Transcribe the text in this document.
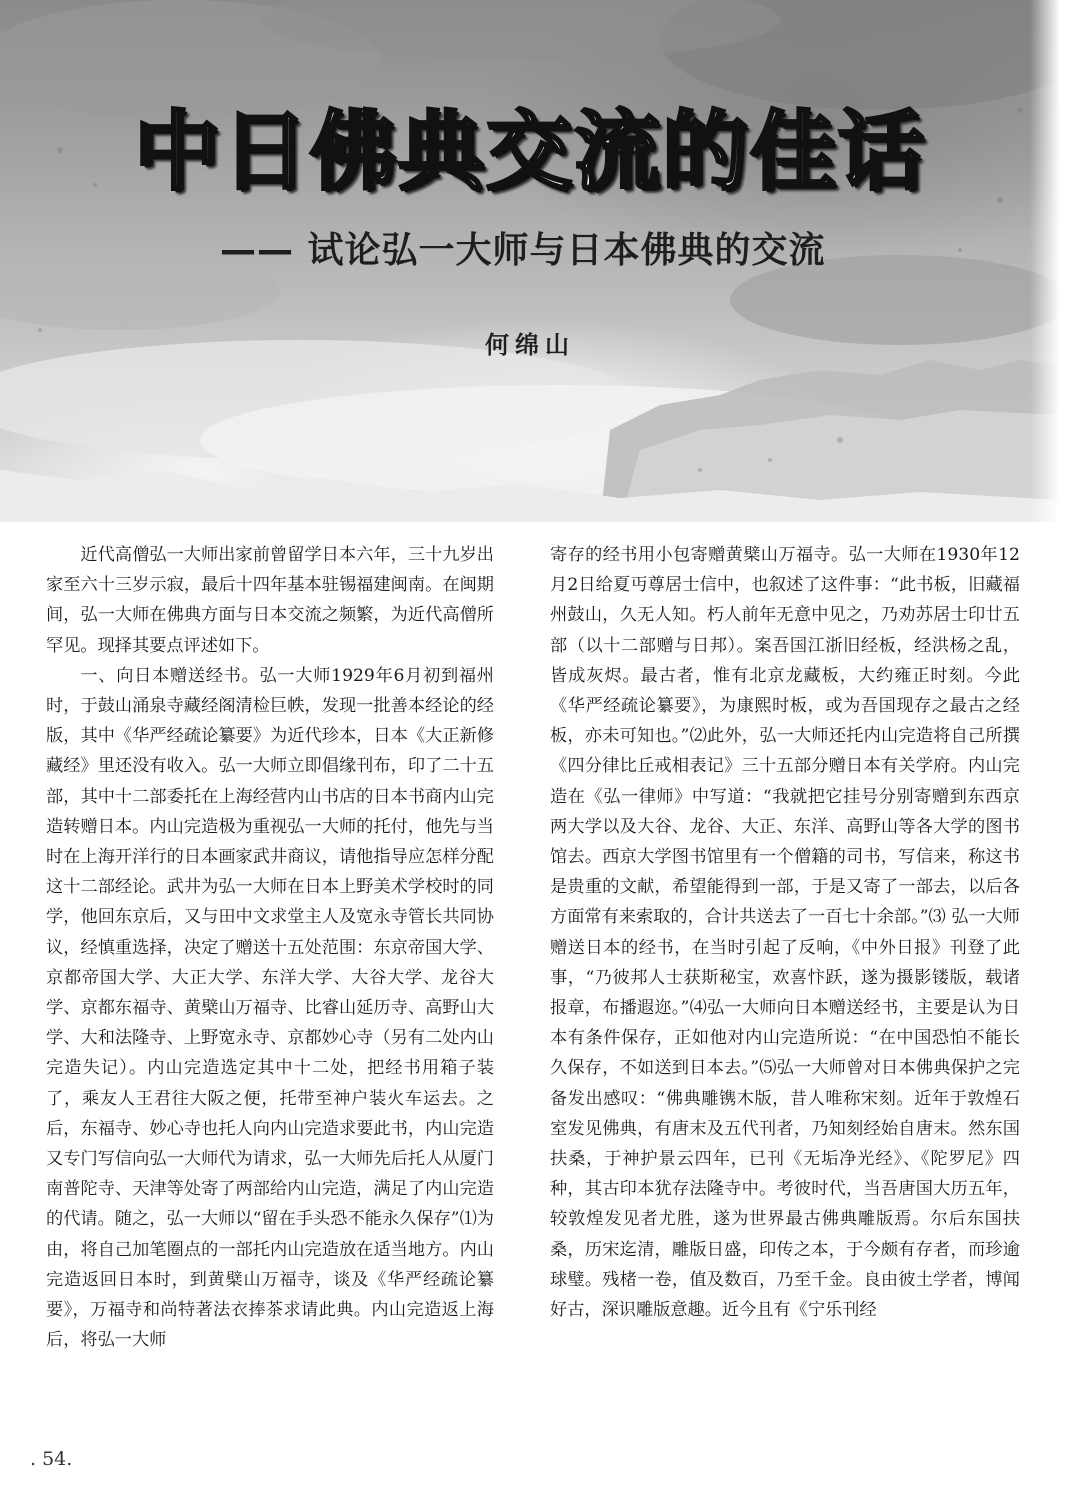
中日佛典交流的佳话
—— 试论弘一大师与日本佛典的交流
何绵山

近代高僧弘一大师出家前曾留学日本六年，三十九岁出家至六十三岁示寂，最后十四年基本驻锡福建闽南。在闽期间，弘一大师在佛典方面与日本交流之频繁，为近代高僧所罕见。现择其要点评述如下。

一、向日本赠送经书。弘一大师1929年6月初到福州时，于鼓山涌泉寺藏经阁清检巨帙，发现一批善本经论的经版，其中《华严经疏论纂要》为近代珍本，日本《大正新修藏经》里还没有收入。弘一大师立即倡缘刊布，印了二十五部，其中十二部委托在上海经营内山书店的日本书商内山完造转赠日本。内山完造极为重视弘一大师的托付，他先与当时在上海开洋行的日本画家武井商议，请他指导应怎样分配这十二部经论。武井为弘一大师在日本上野美术学校时的同学，他回东京后，又与田中文求堂主人及宽永寺管长共同协议，经慎重选择，决定了赠送十五处范围：东京帝国大学、京都帝国大学、大正大学、东洋大学、大谷大学、龙谷大学、京都东福寺、黄檗山万福寺、比睿山延历寺、高野山大学、大和法隆寺、上野宽永寺、京都妙心寺（另有二处内山完造失记）。内山完造选定其中十二处，把经书用箱子装了，乘友人王君往大阪之便，托带至神户装火车运去。之后，东福寺、妙心寺也托人向内山完造求要此书，内山完造又专门写信向弘一大师代为请求，弘一大师先后托人从厦门南普陀寺、天津等处寄了两部给内山完造，满足了内山完造的代请。随之，弘一大师以“留在手头恐不能永久保存”⑴为由，将自己加笔圈点的一部托内山完造放在适当地方。内山完造返回日本时，到黄檗山万福寺，谈及《华严经疏论纂要》，万福寺和尚特著法衣捧茶求请此典。内山完造返上海后，将弘一大师

寄存的经书用小包寄赠黄檗山万福寺。弘一大师在1930年12月2日给夏丏尊居士信中，也叙述了这件事：“此书板，旧藏福州鼓山，久无人知。朽人前年无意中见之，乃劝苏居士印廿五部（以十二部赠与日邦）。案吾国江浙旧经板，经洪杨之乱，皆成灰烬。最古者，惟有北京龙藏板，大约雍正时刻。今此《华严经疏论纂要》，为康熙时板，或为吾国现存之最古之经板，亦未可知也。”⑵此外，弘一大师还托内山完造将自己所撰《四分律比丘戒相表记》三十五部分赠日本有关学府。内山完造在《弘一律师》中写道：“我就把它挂号分别寄赠到东西京两大学以及大谷、龙谷、大正、东洋、高野山等各大学的图书馆去。西京大学图书馆里有一个僧籍的司书，写信来，称这书是贵重的文献，希望能得到一部，于是又寄了一部去，以后各方面常有来索取的，合计共送去了一百七十余部。”⑶ 弘一大师赠送日本的经书，在当时引起了反响，《中外日报》刊登了此事，“乃彼邦人士获斯秘宝，欢喜忭跃，遂为摄影镂版，载诸报章，布播遐迩。”⑷弘一大师向日本赠送经书，主要是认为日本有条件保存，正如他对内山完造所说：“在中国恐怕不能长久保存，不如送到日本去。”⑸弘一大师曾对日本佛典保护之完备发出感叹：“佛典雕镌木版，昔人唯称宋刻。近年于敦煌石室发见佛典，有唐末及五代刊者，乃知刻经始自唐末。然东国扶桑，于神护景云四年，已刊《无垢净光经》、《陀罗尼》四种，其古印本犹存法隆寺中。考彼时代，当吾唐国大历五年，较敦煌发见者尤胜，遂为世界最古佛典雕版焉。尔后东国扶桑，历宋迄清，雕版日盛，印传之本，于今颇有存者，而珍逾球璧。残楮一卷，值及数百，乃至千金。良由彼土学者，博闻好古，深识雕版意趣。近今且有《宁乐刊经

. 54.
